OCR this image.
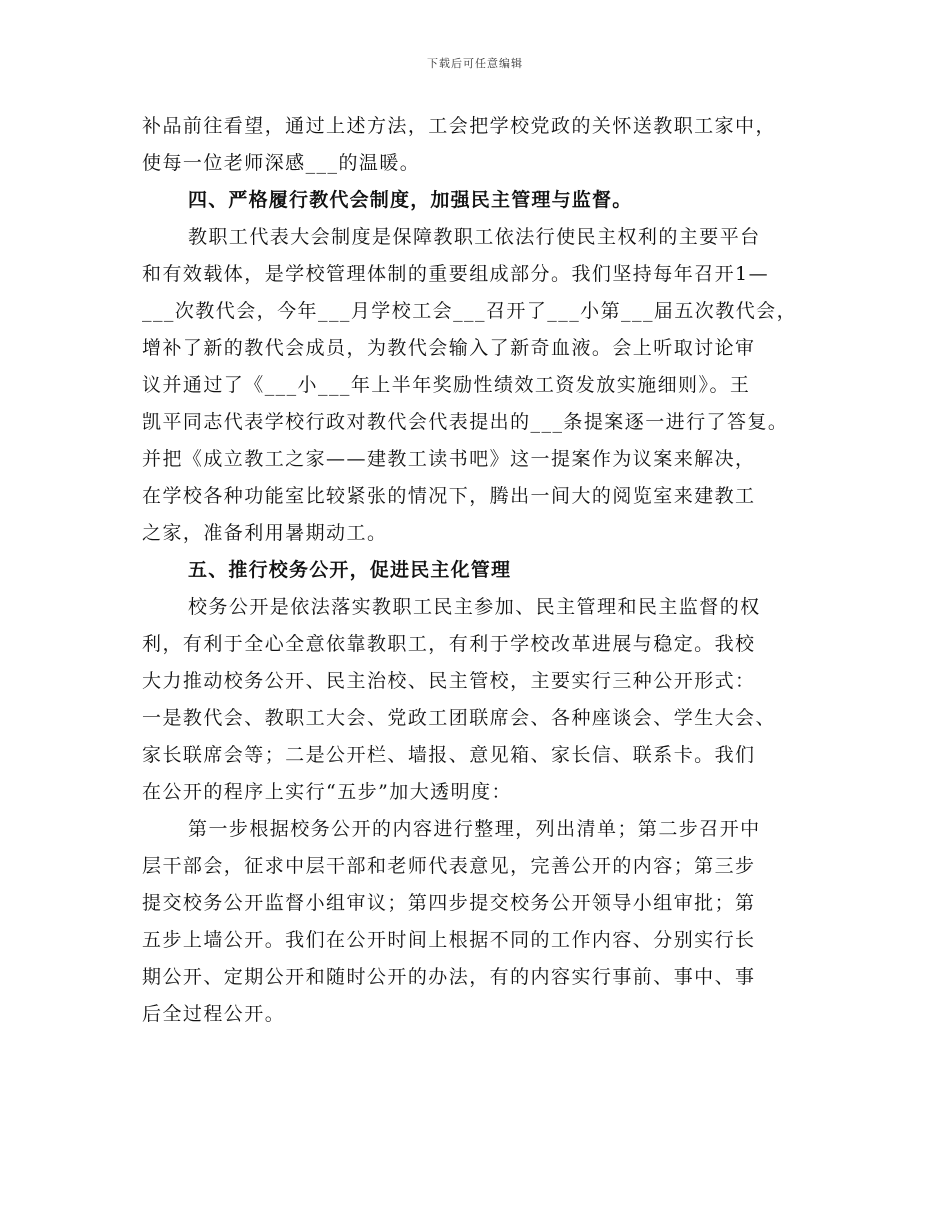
下载后可任意编辑
补品前往看望，通过上述方法，工会把学校党政的关怀送教职工家中，
使每一位老师深感___的温暖。
四、严格履行教代会制度，加强民主管理与监督。
教职工代表大会制度是保障教职工依法行使民主权利的主要平台
和有效载体，是学校管理体制的重要组成部分。我们坚持每年召开1—
___次教代会，今年___月学校工会___召开了___小第___届五次教代会，
增补了新的教代会成员，为教代会输入了新奇血液。会上听取讨论审
议并通过了《___小___年上半年奖励性绩效工资发放实施细则》。王
凯平同志代表学校行政对教代会代表提出的___条提案逐一进行了答复。
并把《成立教工之家——建教工读书吧》这一提案作为议案来解决，
在学校各种功能室比较紧张的情况下，腾出一间大的阅览室来建教工
之家，准备利用暑期动工。
五、推行校务公开，促进民主化管理
校务公开是依法落实教职工民主参加、民主管理和民主监督的权
利，有利于全心全意依靠教职工，有利于学校改革进展与稳定。我校
大力推动校务公开、民主治校、民主管校，主要实行三种公开形式：
一是教代会、教职工大会、党政工团联席会、各种座谈会、学生大会、
家长联席会等；二是公开栏、墙报、意见箱、家长信、联系卡。我们
在公开的程序上实行“五步”加大透明度：
第一步根据校务公开的内容进行整理，列出清单；第二步召开中
层干部会，征求中层干部和老师代表意见，完善公开的内容；第三步
提交校务公开监督小组审议；第四步提交校务公开领导小组审批；第
五步上墙公开。我们在公开时间上根据不同的工作内容、分别实行长
期公开、定期公开和随时公开的办法，有的内容实行事前、事中、事
后全过程公开。
